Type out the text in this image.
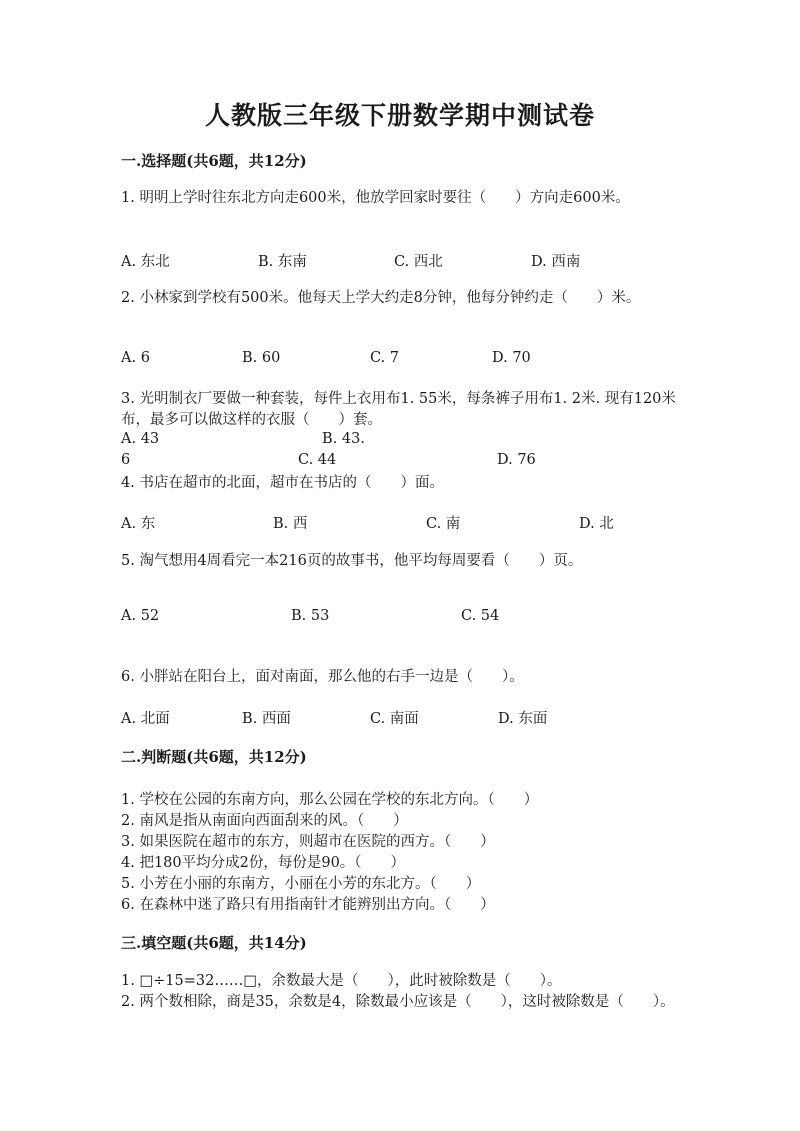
人教版三年级下册数学期中测试卷
一.选择题(共6题，共12分)
1. 明明上学时往东北方向走600米，他放学回家时要往（　　）方向走600米。
A. 东北	B. 东南	C. 西北	D. 西南
2. 小林家到学校有500米。他每天上学大约走8分钟，他每分钟约走（　　）米。
A. 6	B. 60	C. 7	D. 70
3. 光明制衣厂要做一种套装，每件上衣用布1. 55米，每条裤子用布1. 2米. 现有120米布，最多可以做这样的衣服（　　）套。
A. 43	B. 43.
6	C. 44	D. 76
4. 书店在超市的北面，超市在书店的（　　）面。
A. 东	B. 西	C. 南	D. 北
5. 淘气想用4周看完一本216页的故事书，他平均每周要看（　　）页。
A. 52	B. 53	C. 54
6. 小胖站在阳台上，面对南面，那么他的右手一边是（　　）。
A. 北面	B. 西面	C. 南面	D. 东面
二.判断题(共6题，共12分)
1. 学校在公园的东南方向，那么公园在学校的东北方向。（　　）
2. 南风是指从南面向西面刮来的风。（　　）
3. 如果医院在超市的东方，则超市在医院的西方。（　　）
4. 把180平均分成2份，每份是90。（　　）
5. 小芳在小丽的东南方，小丽在小芳的东北方。（　　）
6. 在森林中迷了路只有用指南针才能辨别出方向。（　　）
三.填空题(共6题，共14分)
1. □÷15=32……□，余数最大是（　　），此时被除数是（　　）。
2. 两个数相除，商是35，余数是4，除数最小应该是（　　），这时被除数是（　　）。
